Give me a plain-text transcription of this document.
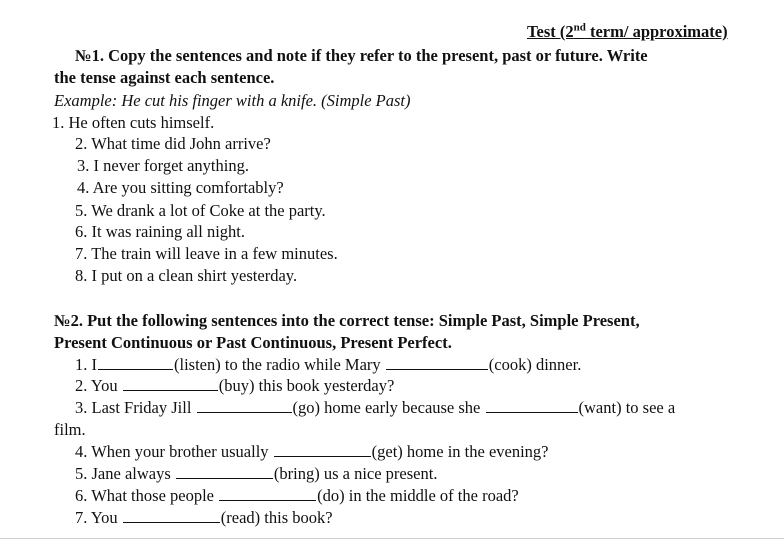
Test (2nd term/ approximate)
№1. Copy the sentences and note if they refer to the present, past or future. Write
the tense against each sentence.
Example: He cut his finger with a knife. (Simple Past)
1. He often cuts himself.
2. What time did John arrive?
3. I never forget anything.
4. Are you sitting comfortably?
5. We drank a lot of Coke at the party.
6. It was raining all night.
7. The train will leave in a few minutes.
8. I put on a clean shirt yesterday.
№2. Put the following sentences into the correct tense: Simple Past, Simple Present,
Present Continuous or Past Continuous, Present Perfect.
1. I	(listen) to the radio while Mary	(cook) dinner.
2. You	(buy) this book yesterday?
3. Last Friday Jill	(go) home early because she	(want) to see a
film.
4. When your brother usually	(get) home in the evening?
5. Jane always	(bring) us a nice present.
6. What those people	(do) in the middle of the road?
7. You	(read) this book?
